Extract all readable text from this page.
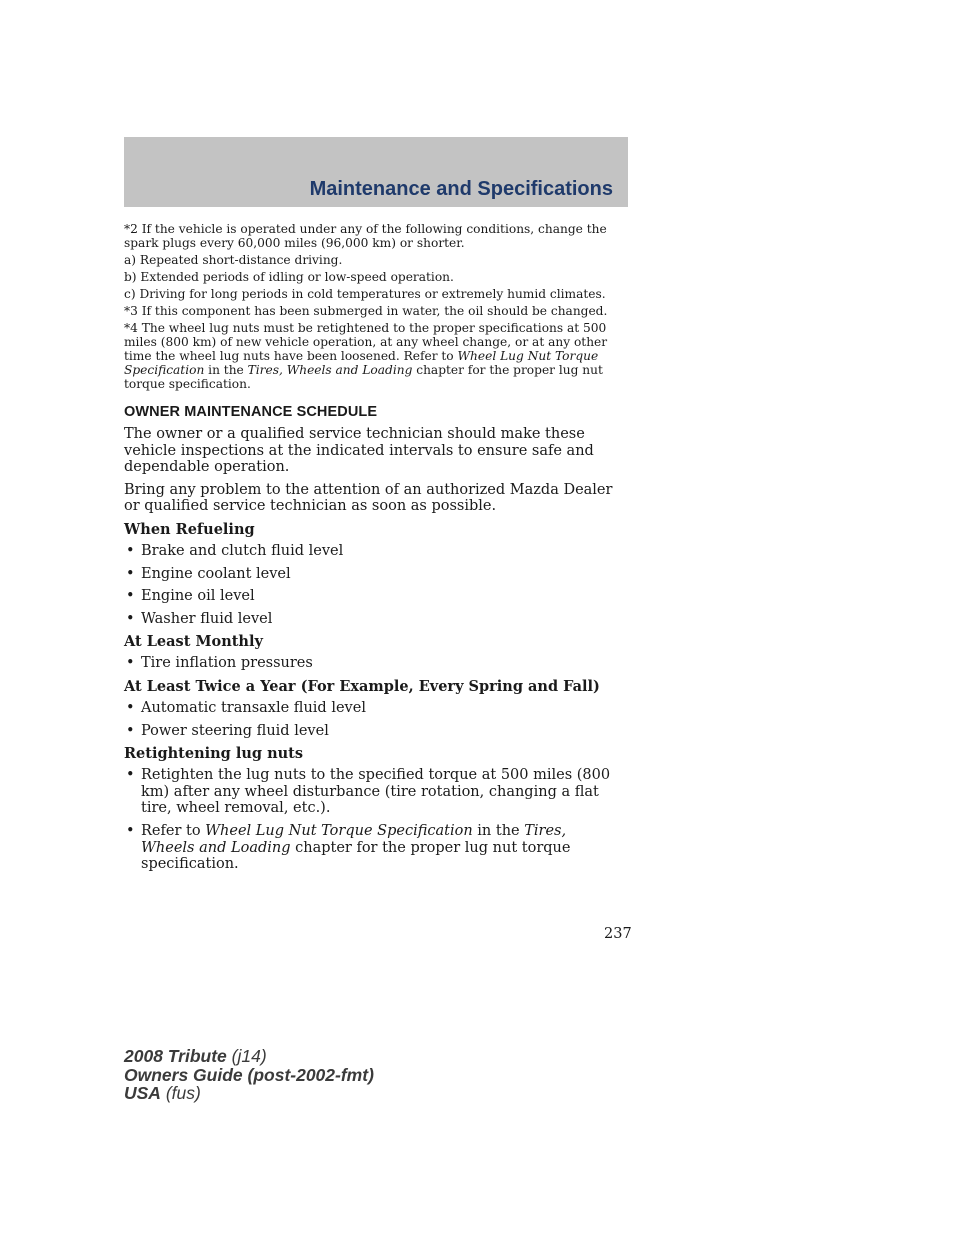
Maintenance and Specifications

*2 If the vehicle is operated under any of the following conditions, change the spark plugs every 60,000 miles (96,000 km) or shorter.

a) Repeated short-distance driving.

b) Extended periods of idling or low-speed operation.

c) Driving for long periods in cold temperatures or extremely humid climates.

*3 If this component has been submerged in water, the oil should be changed.

*4 The wheel lug nuts must be retightened to the proper specifications at 500 miles (800 km) of new vehicle operation, at any wheel change, or at any other time the wheel lug nuts have been loosened. Refer to Wheel Lug Nut Torque Specification in the Tires, Wheels and Loading chapter for the proper lug nut torque specification.

OWNER MAINTENANCE SCHEDULE

The owner or a qualified service technician should make these vehicle inspections at the indicated intervals to ensure safe and dependable operation.

Bring any problem to the attention of an authorized Mazda Dealer or qualified service technician as soon as possible.

When Refueling
• Brake and clutch fluid level
• Engine coolant level
• Engine oil level
• Washer fluid level
At Least Monthly
• Tire inflation pressures
At Least Twice a Year (For Example, Every Spring and Fall)
• Automatic transaxle fluid level
• Power steering fluid level
Retightening lug nuts
• Retighten the lug nuts to the specified torque at 500 miles (800 km) after any wheel disturbance (tire rotation, changing a flat tire, wheel removal, etc.).
• Refer to Wheel Lug Nut Torque Specification in the Tires, Wheels and Loading chapter for the proper lug nut torque specification.
237
2008 Tribute (j14)
Owners Guide (post-2002-fmt)
USA (fus)
